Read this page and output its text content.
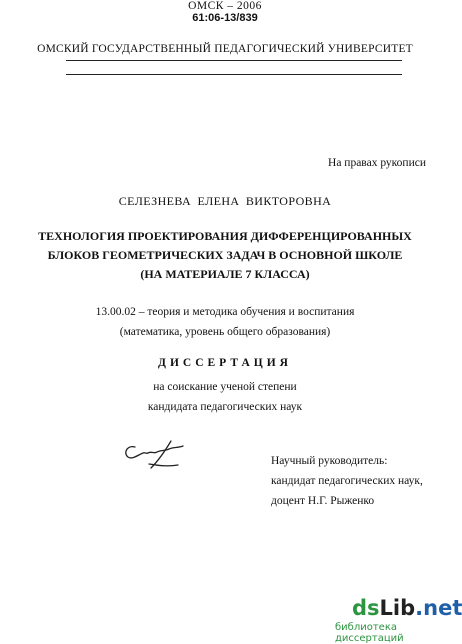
61:06-13/839
ОМСКИЙ ГОСУДАРСТВЕННЫЙ ПЕДАГОГИЧЕСКИЙ УНИВЕРСИТЕТ
На правах рукописи
СЕЛЕЗНЕВА ЕЛЕНА ВИКТОРОВНА
ТЕХНОЛОГИЯ ПРОЕКТИРОВАНИЯ ДИФФЕРЕНЦИРОВАННЫХ
БЛОКОВ ГЕОМЕТРИЧЕСКИХ ЗАДАЧ В ОСНОВНОЙ ШКОЛЕ
(НА МАТЕРИАЛЕ 7 КЛАССА)
13.00.02 – теория и методика обучения и воспитания
(математика, уровень общего образования)
ДИССЕРТАЦИЯ
на соискание ученой степени
кандидата педагогических наук
Научный руководитель:
кандидат педагогических наук,
доцент Н.Г. Рыженко
ОМСК – 2006
dsLib.net
библиотека диссертаций
